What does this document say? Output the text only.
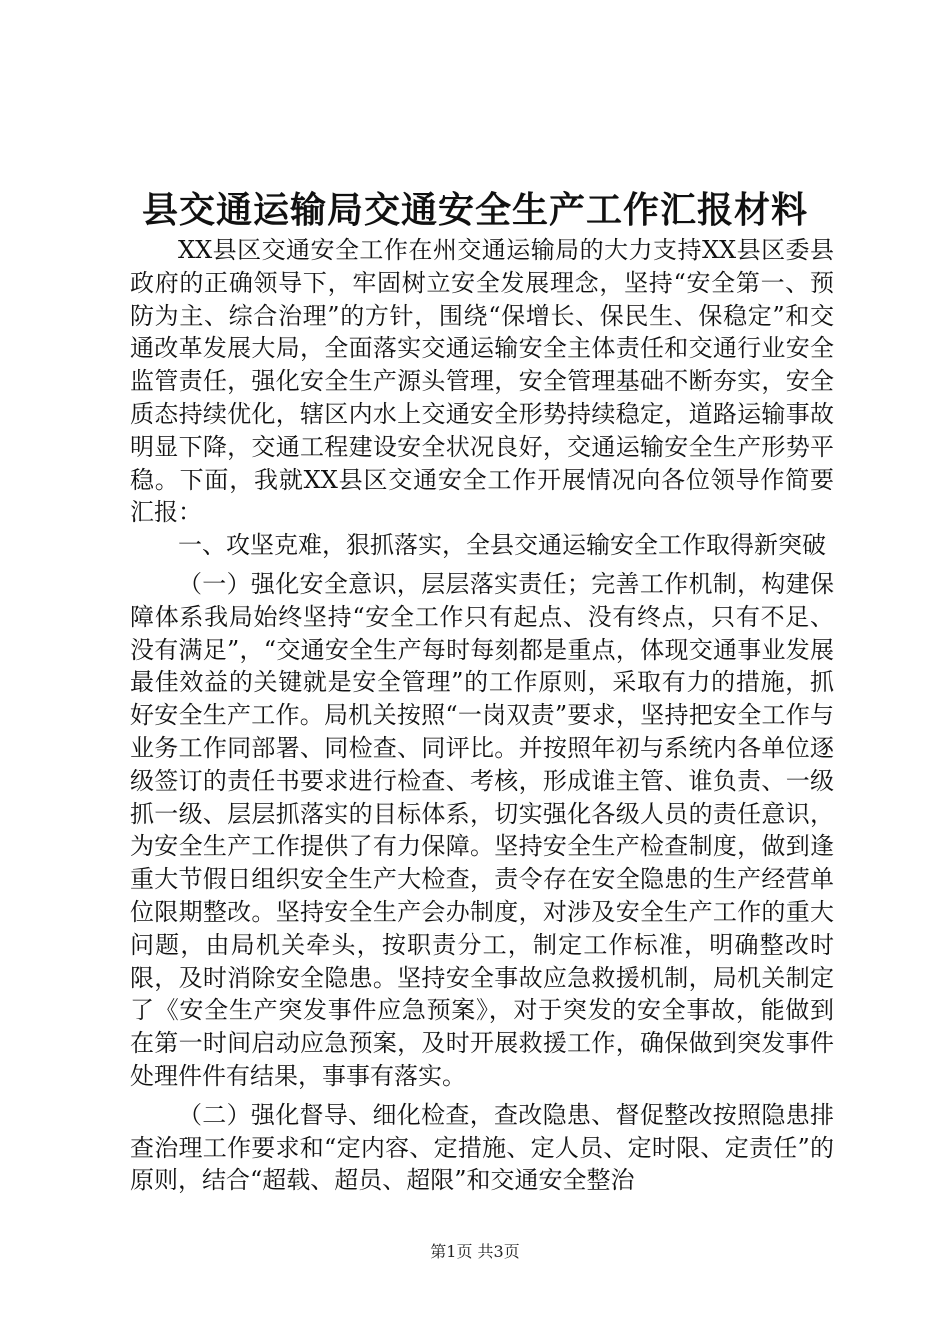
县交通运输局交通安全生产工作汇报材料

XX县区交通安全工作在州交通运输局的大力支持XX县区委县政府的正确领导下，牢固树立安全发展理念，坚持“安全第一、预防为主、综合治理”的方针，围绕“保增长、保民生、保稳定”和交通改革发展大局，全面落实交通运输安全主体责任和交通行业安全监管责任，强化安全生产源头管理，安全管理基础不断夯实，安全质态持续优化，辖区内水上交通安全形势持续稳定，道路运输事故明显下降，交通工程建设安全状况良好，交通运输安全生产形势平稳。下面，我就XX县区交通安全工作开展情况向各位领导作简要汇报：

一、攻坚克难，狠抓落实，全县交通运输安全工作取得新突破

（一）强化安全意识，层层落实责任；完善工作机制，构建保障体系我局始终坚持“安全工作只有起点、没有终点，只有不足、没有满足”，“交通安全生产每时每刻都是重点，体现交通事业发展最佳效益的关键就是安全管理”的工作原则，采取有力的措施，抓好安全生产工作。局机关按照“一岗双责”要求，坚持把安全工作与业务工作同部署、同检查、同评比。并按照年初与系统内各单位逐级签订的责任书要求进行检查、考核，形成谁主管、谁负责、一级抓一级、层层抓落实的目标体系，切实强化各级人员的责任意识，为安全生产工作提供了有力保障。坚持安全生产检查制度，做到逢重大节假日组织安全生产大检查，责令存在安全隐患的生产经营单位限期整改。坚持安全生产会办制度，对涉及安全生产工作的重大问题，由局机关牵头，按职责分工，制定工作标准，明确整改时限，及时消除安全隐患。坚持安全事故应急救援机制，局机关制定了《安全生产突发事件应急预案》，对于突发的安全事故，能做到在第一时间启动应急预案，及时开展救援工作，确保做到突发事件处理件件有结果，事事有落实。

（二）强化督导、细化检查，查改隐患、督促整改按照隐患排查治理工作要求和“定内容、定措施、定人员、定时限、定责任”的原则，结合“超载、超员、超限”和交通安全整治

第1页 共3页
